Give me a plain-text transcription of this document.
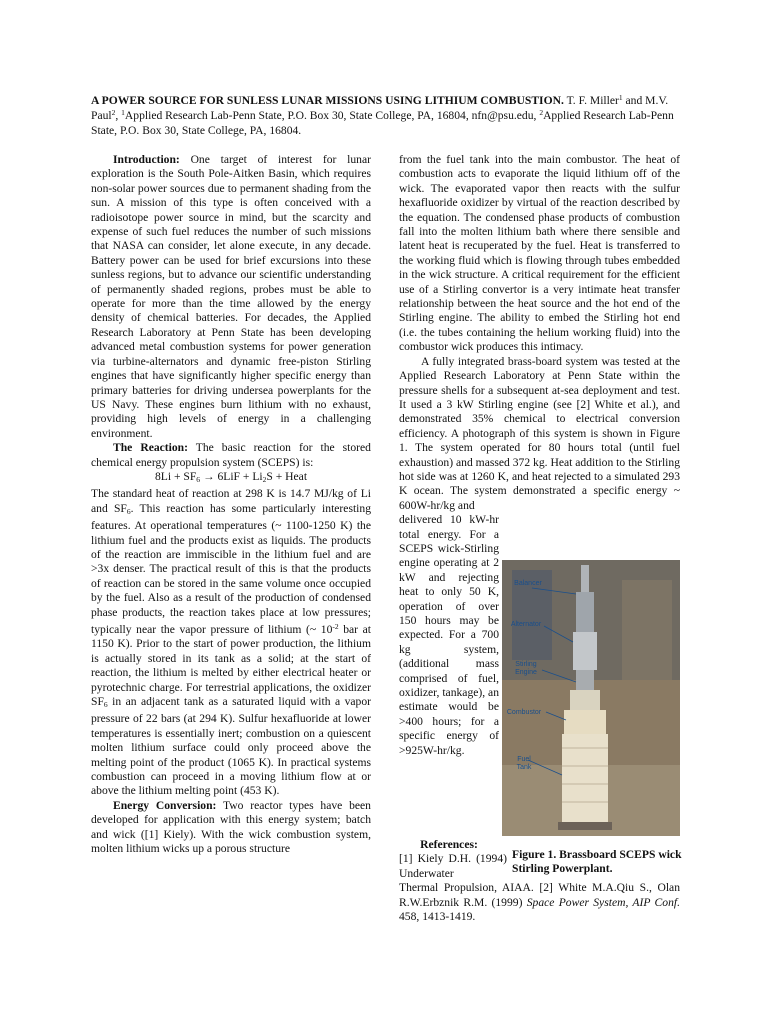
A POWER SOURCE FOR SUNLESS LUNAR MISSIONS USING LITHIUM COMBUSTION. T. F. Miller$^1$ and M.V. Paul$^2$, $^1$Applied Research Lab-Penn State, P.O. Box 30, State College, PA, 16804, nfn@psu.edu, $^2$Applied Research Lab-Penn State, P.O. Box 30, State College, PA, 16804.

Introduction: One target of interest for lunar exploration is the South Pole-Aitken Basin, which requires non-solar power sources due to permanent shading from the sun. A mission of this type is often conceived with a radioisotope power source in mind, but the scarcity and expense of such fuel reduces the number of such missions that NASA can consider, let alone execute, in any decade. Battery power can be used for brief excursions into these sunless regions, but to advance our scientific understanding of permanently shaded regions, probes must be able to operate for more than the time allowed by the energy density of chemical batteries. For decades, the Applied Research Laboratory at Penn State has been developing advanced metal combustion systems for power generation via turbine-alternators and dynamic free-piston Stirling engines that have significantly higher specific energy than primary batteries for driving undersea powerplants for the US Navy. These engines burn lithium with no exhaust, providing high levels of energy in a challenging environment.

The Reaction: The basic reaction for the stored chemical energy propulsion system (SCEPS) is:

$8Li + SF_6 \to 6LiF + Li_2S$ + Heat

The standard heat of reaction at 298 K is 14.7 MJ/kg of Li and $SF_6$. This reaction has some particularly interesting features. At operational temperatures (~ 1100-1250 K) the lithium fuel and the products exist as liquids. The products of the reaction are immiscible in the lithium fuel and are >3x denser. The practical result of this is that the products of reaction can be stored in the same volume once occupied by the fuel. Also as a result of the production of condensed phase products, the reaction takes place at low pressures; typically near the vapor pressure of lithium (~ $10^{-2}$ bar at 1150 K). Prior to the start of power production, the lithium is actually stored in its tank as a solid; at the start of reaction, the lithium is melted by either electrical heater or pyrotechnic charge. For terrestrial applications, the oxidizer $SF_6$ in an adjacent tank as a saturated liquid with a vapor pressure of 22 bars (at 294 K). Sulfur hexafluoride at lower temperatures is essentially inert; combustion on a quiescent molten lithium surface could only proceed above the melting point of the product (1065 K). In practical systems combustion can proceed in a moving lithium flow at or above the lithium melting point (453 K).

Energy Conversion: Two reactor types have been developed for application with this energy system; batch and wick ([1] Kiely). With the wick combustion system, molten lithium wicks up a porous structure

from the fuel tank into the main combustor. The heat of combustion acts to evaporate the liquid lithium off of the wick. The evaporated vapor then reacts with the sulfur hexafluoride oxidizer by virtual of the reaction described by the equation. The condensed phase products of combustion fall into the molten lithium bath where there sensible and latent heat is recuperated by the fuel. Heat is transferred to the working fluid which is flowing through tubes embedded in the wick structure. A critical requirement for the efficient use of a Stirling convertor is a very intimate heat transfer relationship between the heat source and the hot end of the Stirling engine. The ability to embed the Stirling hot end (i.e. the tubes containing the helium working fluid) into the combustor wick produces this intimacy.

A fully integrated brass-board system was tested at the Applied Research Laboratory at Penn State within the pressure shells for a subsequent at-sea deployment and test. It used a 3 kW Stirling engine (see [2] White et al.), and demonstrated 35% chemical to electrical conversion efficiency. A photograph of this system is shown in Figure 1. The system operated for 80 hours total (until fuel exhaustion) and massed 372 kg. Heat addition to the Stirling hot side was at 1260 K, and heat rejected to a simulated 293 K ocean. The system demonstrated a specific energy ~ 600W-hr/kg and

delivered 10 kW-hr total energy. For a SCEPS wick-Stirling engine operating at 2 kW and rejecting heat to only 50 K, operation of over 150 hours may be expected. For a 700 kg system, (additional mass comprised of fuel, oxidizer, tankage), an estimate would be >400 hours; for a specific energy of >925W-hr/kg.

Balancer
Alternator
Stirling Engine
Combustor
Fuel Tank
Figure 1. Brassboard SCEPS wick Stirling Powerplant.
References:
[1] Kiely D.H. (1994) Underwater
Thermal Propulsion, AIAA. [2] White M.A.Qiu S., Olan R.W.Erbznik R.M. (1999) Space Power System, AIP Conf. 458, 1413-1419.
